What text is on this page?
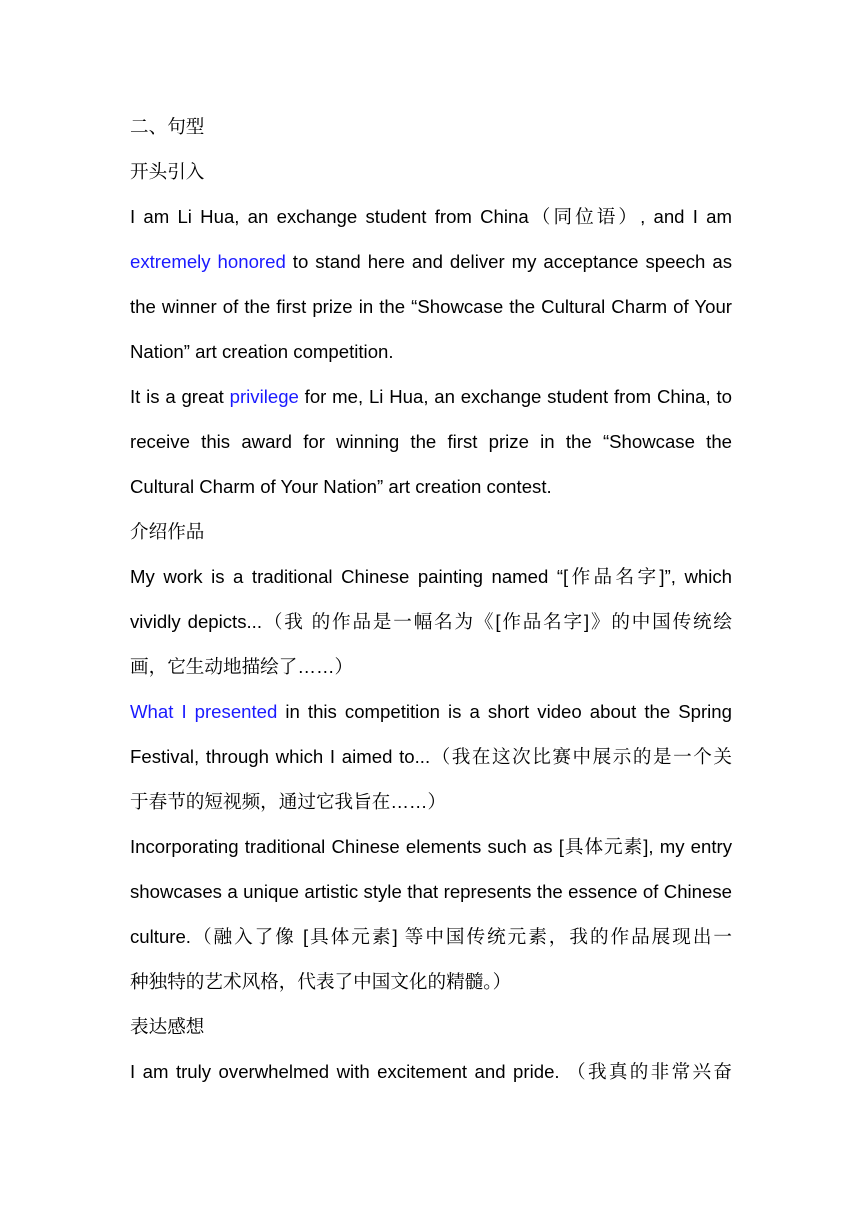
二、句型
开头引入
I am Li Hua, an exchange student from China（同位语）, and I am
extremely honored to stand here and deliver my acceptance speech as
the winner of the first prize in the “Showcase the Cultural Charm of Your
Nation” art creation competition.
It is a great privilege for me, Li Hua, an exchange student from China, to
receive this award for winning the first prize in the “Showcase the
Cultural Charm of Your Nation” art creation contest.
介绍作品
My work is a traditional Chinese painting named “[作品名字]”, which
vividly depicts...（我 的作品是一幅名为《[作品名字]》的中国传统绘
画，它生动地描绘了……）
What I presented in this competition is a short video about the Spring
Festival, through which I aimed to...（我在这次比赛中展示的是一个关
于春节的短视频，通过它我旨在……）
Incorporating traditional Chinese elements such as [具体元素], my entry
showcases a unique artistic style that represents the essence of Chinese
culture.（融入了像 [具体元素] 等中国传统元素，我的作品展现出一
种独特的艺术风格，代表了中国文化的精髓。）
表达感想
I am truly overwhelmed with excitement and pride. （我真的非常兴奋
